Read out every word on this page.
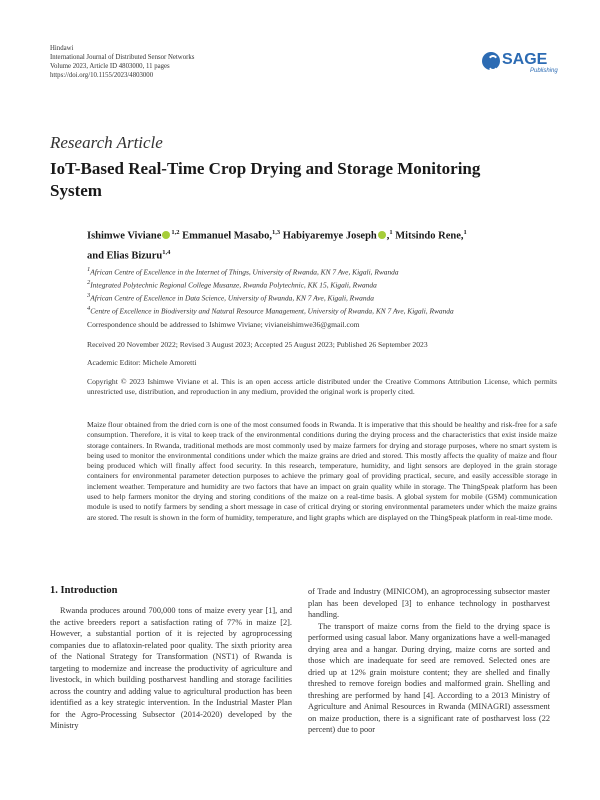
Hindawi
International Journal of Distributed Sensor Networks
Volume 2023, Article ID 4803000, 11 pages
https://doi.org/10.1155/2023/4803000
SAGE
Publishing
Research Article
IoT-Based Real-Time Crop Drying and Storage Monitoring System
Ishimwe Viviane $^{1,2}$ Emmanuel Masabo,$^{1,3}$ Habiyaremye Joseph ,$^1$ Mitsindo Rene,$^1$
and Elias Bizuru$^{1,4}$
$^1$African Centre of Excellence in the Internet of Things, University of Rwanda, KN 7 Ave, Kigali, Rwanda
$^2$Integrated Polytechnic Regional College Musanze, Rwanda Polytechnic, KK 15, Kigali, Rwanda
$^3$African Centre of Excellence in Data Science, University of Rwanda, KN 7 Ave, Kigali, Rwanda
$^4$Centre of Excellence in Biodiversity and Natural Resource Management, University of Rwanda, KN 7 Ave, Kigali, Rwanda
Correspondence should be addressed to Ishimwe Viviane; vivianeishimwe36@gmail.com
Received 20 November 2022; Revised 3 August 2023; Accepted 25 August 2023; Published 26 September 2023
Academic Editor: Michele Amoretti
Copyright © 2023 Ishimwe Viviane et al. This is an open access article distributed under the Creative Commons Attribution License, which permits unrestricted use, distribution, and reproduction in any medium, provided the original work is properly cited.
Maize flour obtained from the dried corn is one of the most consumed foods in Rwanda. It is imperative that this should be healthy and risk-free for a safe consumption. Therefore, it is vital to keep track of the environmental conditions during the drying process and the characteristics that exist inside maize storage containers. In Rwanda, traditional methods are most commonly used by maize farmers for drying and storage purposes, where no smart system is being used to monitor the environmental conditions under which the maize grains are dried and stored. This mostly affects the quality of maize and flour being produced which will finally affect food security. In this research, temperature, humidity, and light sensors are deployed in the grain storage containers for environmental parameter detection purposes to achieve the primary goal of providing practical, secure, and easily accessible storage in inclement weather. Temperature and humidity are two factors that have an impact on grain quality while in storage. The ThingSpeak platform has been used to help farmers monitor the drying and storing conditions of the maize on a real-time basis. A global system for mobile (GSM) communication module is used to notify farmers by sending a short message in case of critical drying or storing environmental parameters under which the maize grains are stored. The result is shown in the form of humidity, temperature, and light graphs which are displayed on the ThingSpeak platform in real-time mode.
1. Introduction
Rwanda produces around 700,000 tons of maize every year [1], and the active breeders report a satisfaction rating of 77% in maize [2]. However, a substantial portion of it is rejected by agroprocessing companies due to aflatoxin-related poor quality. The sixth priority area of the National Strategy for Transformation (NST1) of Rwanda is targeting to modernize and increase the productivity of agriculture and livestock, in which building postharvest handling and storage facilities across the country and adding value to agricultural production has been identified as a key strategic intervention. In the Industrial Master Plan for the Agro-Processing Subsector (2014-2020) developed by the Ministry
of Trade and Industry (MINICOM), an agroprocessing subsector master plan has been developed [3] to enhance technology in postharvest handling.
The transport of maize corns from the field to the drying space is performed using casual labor. Many organizations have a well-managed drying area and a hangar. During drying, maize corns are sorted and those which are inadequate for seed are removed. Selected ones are dried up at 12% grain moisture content; they are shelled and finally threshed to remove foreign bodies and malformed grain. Shelling and threshing are performed by hand [4]. According to a 2013 Ministry of Agriculture and Animal Resources in Rwanda (MINAGRI) assessment on maize production, there is a significant rate of postharvest loss (22 percent) due to poor
